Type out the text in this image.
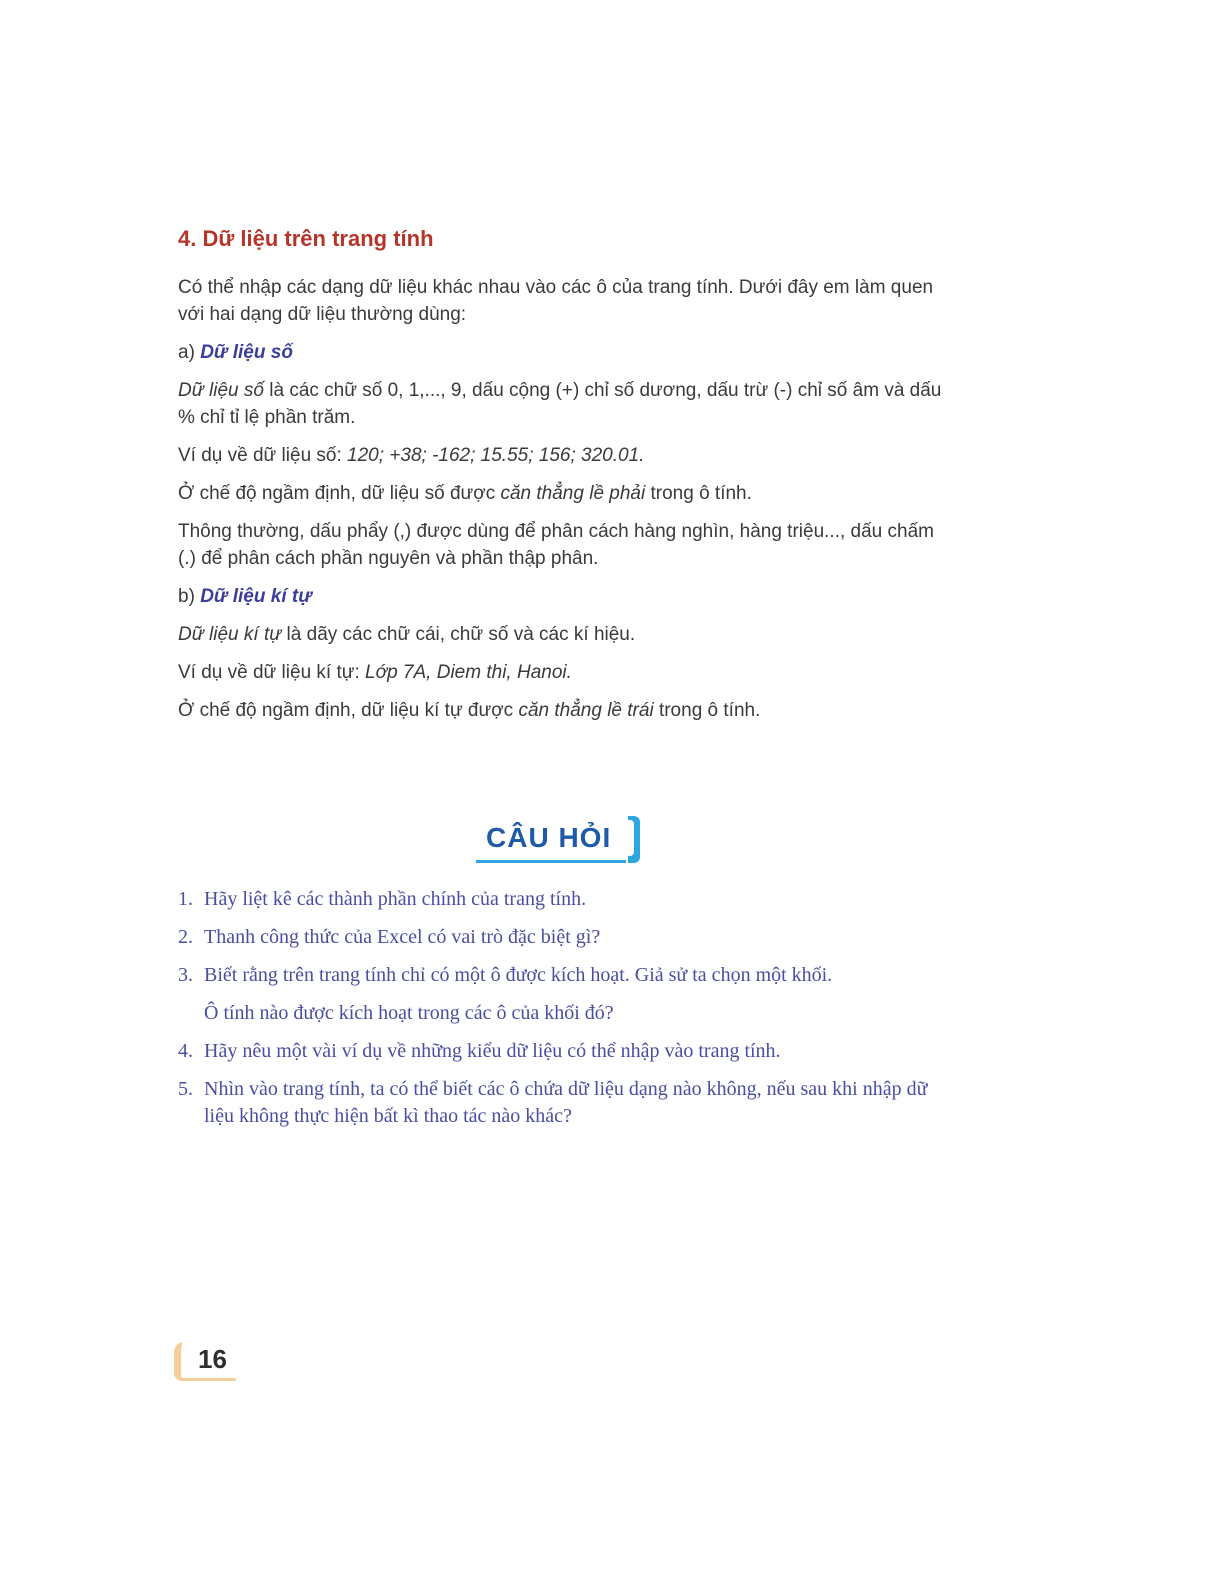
4. Dữ liệu trên trang tính

Có thể nhập các dạng dữ liệu khác nhau vào các ô của trang tính. Dưới đây em làm quen với hai dạng dữ liệu thường dùng:

a) Dữ liệu số

Dữ liệu số là các chữ số 0, 1,..., 9, dấu cộng (+) chỉ số dương, dấu trừ (-) chỉ số âm và dấu % chỉ tỉ lệ phần trăm.

Ví dụ về dữ liệu số: 120; +38; -162; 15.55; 156; 320.01.

Ở chế độ ngầm định, dữ liệu số được căn thẳng lề phải trong ô tính.

Thông thường, dấu phẩy (,) được dùng để phân cách hàng nghìn, hàng triệu..., dấu chấm (.) để phân cách phần nguyên và phần thập phân.

b) Dữ liệu kí tự

Dữ liệu kí tự là dãy các chữ cái, chữ số và các kí hiệu.

Ví dụ về dữ liệu kí tự: Lớp 7A, Diem thi, Hanoi.

Ở chế độ ngầm định, dữ liệu kí tự được căn thẳng lề trái trong ô tính.

CÂU HỎI
1. Hãy liệt kê các thành phần chính của trang tính.
2. Thanh công thức của Excel có vai trò đặc biệt gì?
3. Biết rằng trên trang tính chỉ có một ô được kích hoạt. Giả sử ta chọn một khối.
Ô tính nào được kích hoạt trong các ô của khối đó?
4. Hãy nêu một vài ví dụ về những kiểu dữ liệu có thể nhập vào trang tính.
5. Nhìn vào trang tính, ta có thể biết các ô chứa dữ liệu dạng nào không, nếu sau khi nhập dữ liệu không thực hiện bất kì thao tác nào khác?
16
